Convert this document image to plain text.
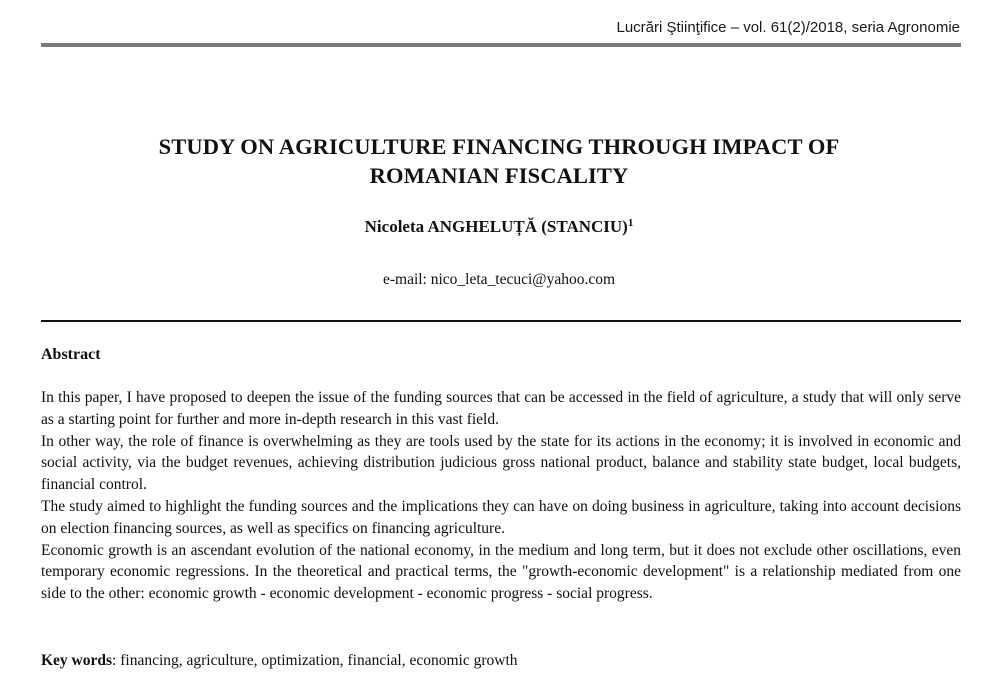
Lucrări Ştiinţifice – vol. 61(2)/2018, seria Agronomie
STUDY ON AGRICULTURE FINANCING THROUGH IMPACT OF
ROMANIAN FISCALITY
Nicoleta ANGHELUȚĂ (STANCIU)$^1$
e-mail: nico_leta_tecuci@yahoo.com
Abstract

In this paper, I have proposed to deepen the issue of the funding sources that can be accessed in the field of agriculture, a study that will only serve as a starting point for further and more in-depth research in this vast field.

In other way, the role of finance is overwhelming as they are tools used by the state for its actions in the economy; it is involved in economic and social activity, via the budget revenues, achieving distribution judicious gross national product, balance and stability state budget, local budgets, financial control.

The study aimed to highlight the funding sources and the implications they can have on doing business in agriculture, taking into account decisions on election financing sources, as well as specifics on financing agriculture.

Economic growth is an ascendant evolution of the national economy, in the medium and long term, but it does not exclude other oscillations, even temporary economic regressions. In the theoretical and practical terms, the "growth-economic development" is a relationship mediated from one side to the other: economic growth - economic development - economic progress - social progress.

Key words: financing, agriculture, optimization, financial, economic growth
